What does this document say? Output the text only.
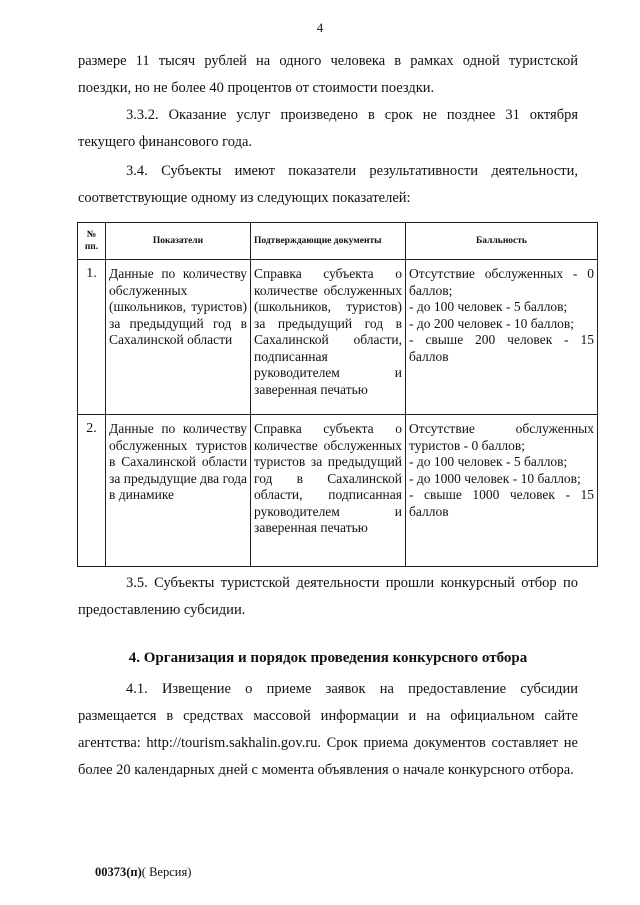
4
размере 11 тысяч рублей на одного человека в рамках одной туристской поездки, но не более 40 процентов от стоимости поездки.
3.3.2. Оказание услуг произведено в срок не позднее 31 октября текущего финансового года.
3.4. Субъекты имеют показатели результативности деятельности, соответствующие одному из следующих показателей:
№ пп.	Показатели	Подтверждающие документы	Балльность
1.	Данные по количеству обслуженных (школьников, туристов) за предыдущий год в Сахалинской области	Справка субъекта о количестве обслуженных (школьников, туристов) за предыдущий год в Сахалинской области, подписанная руководителем и заверенная печатью	Отсутствие обслуженных - 0 баллов;
- до 100 человек - 5 баллов;
- до 200 человек - 10 баллов;
- свыше 200 человек - 15 баллов

2.	Данные по количеству обслуженных туристов в Сахалинской области за предыдущие два года в динамике	Справка субъекта о количестве обслуженных туристов за предыдущий год в Сахалинской области, подписанная руководителем и заверенная печатью	Отсутствие обслуженных туристов - 0 баллов;
- до 100 человек - 5 баллов;
- до 1000 человек - 10 баллов;
- свыше 1000 человек - 15 баллов
3.5. Субъекты туристской деятельности прошли конкурсный отбор по предоставлению субсидии.
4. Организация и порядок проведения конкурсного отбора
4.1. Извещение о приеме заявок на предоставление субсидии размещается в средствах массовой информации и на официальном сайте агентства: http://tourism.sakhalin.gov.ru. Срок приема документов составляет не более 20 календарных дней с момента объявления о начале конкурсного отбора.
00373(п)( Версия)
